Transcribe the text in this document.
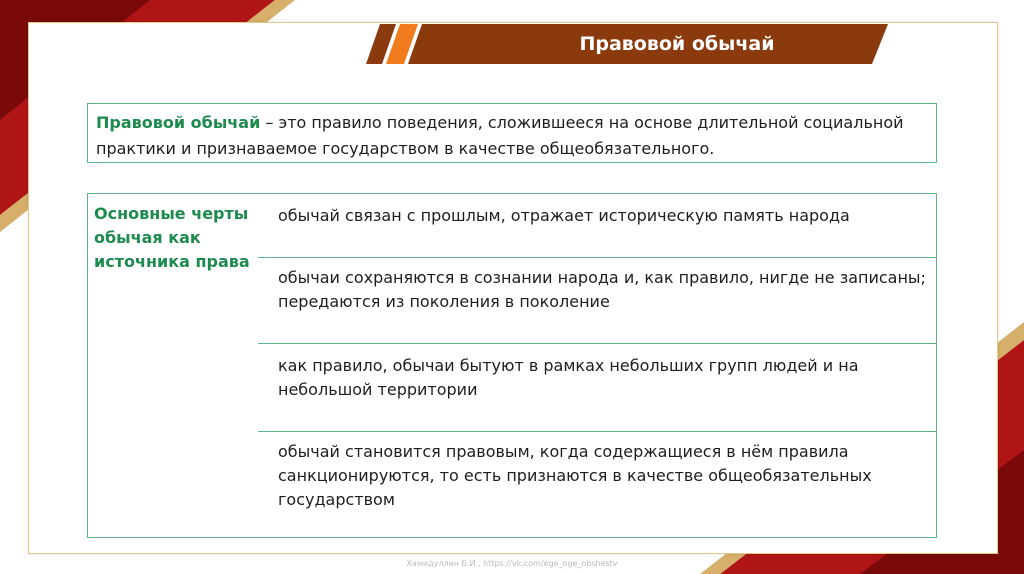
Правовой обычай
Правовой обычай – это правило поведения, сложившееся на основе длительной социальной практики и признаваемое государством в качестве общеобязательного.
Основные черты обычая как источника права
обычай связан с прошлым, отражает историческую память народа
обычаи сохраняются в сознании народа и, как правило, нигде не записаны; передаются из поколения в поколение
как правило, обычаи бытуют в рамках небольших групп людей и на небольшой территории
обычай становится правовым, когда содержащиеся в нём правила санкционируются, то есть признаются в качестве общеобязательных государством
Хамидуллин Б.И., https://vk.com/ege_oge_obshestv
